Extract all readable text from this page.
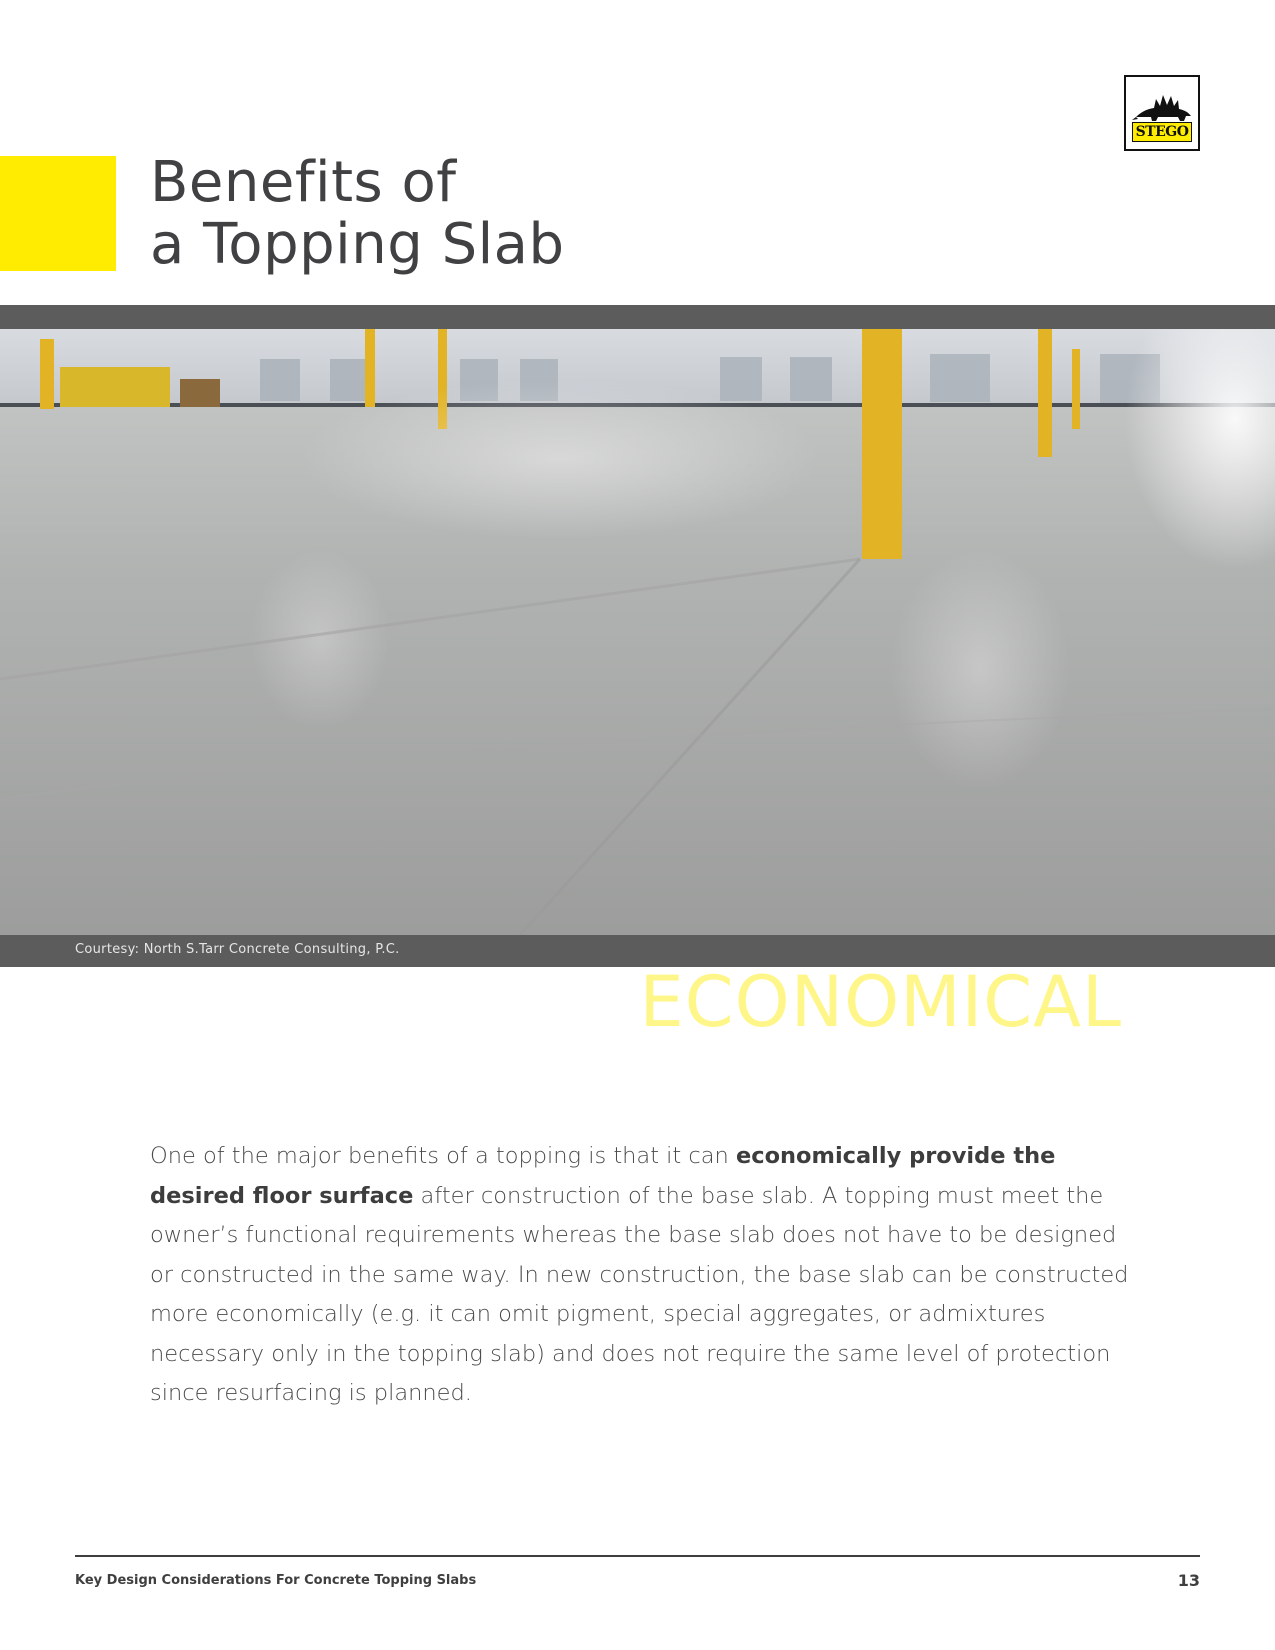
Benefits of
a Topping Slab
STEGO
Courtesy: North S.Tarr Concrete Consulting, P.C.
ECONOMICAL

One of the major benefits of a topping is that it can economically provide the desired floor surface after construction of the base slab. A topping must meet the owner’s functional requirements whereas the base slab does not have to be designed or constructed in the same way. In new construction, the base slab can be constructed more economically (e.g. it can omit pigment, special aggregates, or admixtures necessary only in the topping slab) and does not require the same level of protection since resurfacing is planned.

Key Design Considerations For Concrete Topping Slabs	13
